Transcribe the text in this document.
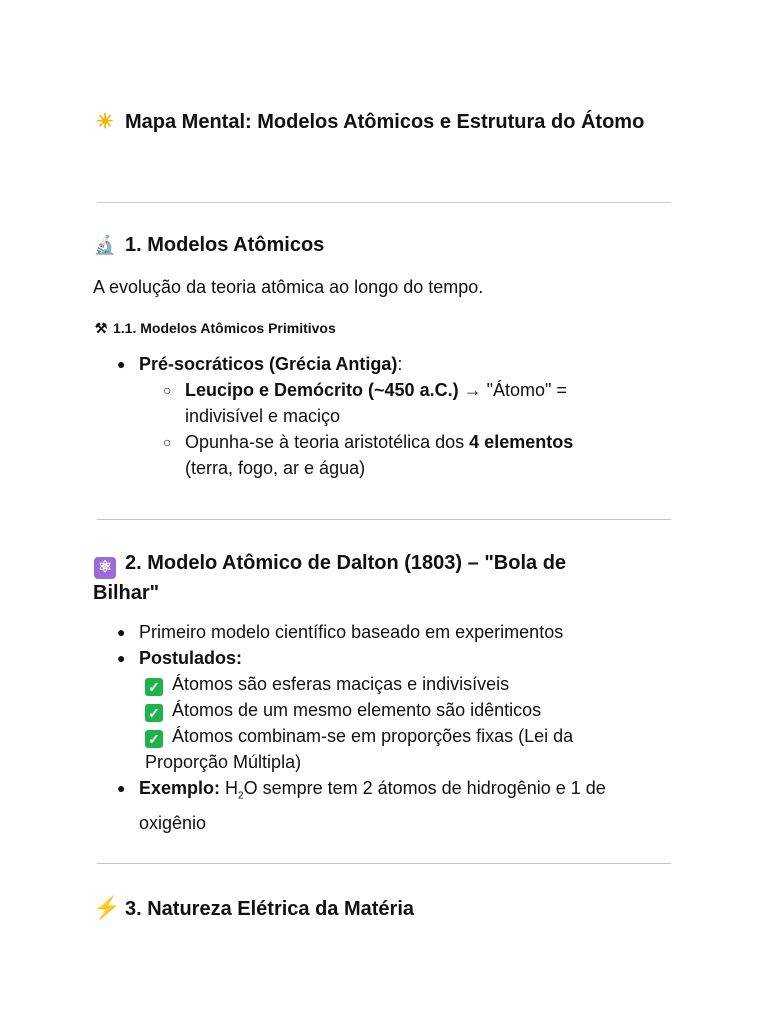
☀ Mapa Mental: Modelos Atômicos e Estrutura do Átomo
🔬 1. Modelos Atômicos
A evolução da teoria atômica ao longo do tempo.
⚒ 1.1. Modelos Atômicos Primitivos
● Pré-socráticos (Grécia Antiga):
○ Leucipo e Demócrito (~450 a.C.) → "Átomo" =
indivisível e maciço
○ Opunha-se à teoria aristotélica dos 4 elementos
(terra, fogo, ar e água)
⚛ 2. Modelo Atômico de Dalton (1803) – "Bola de
Bilhar"
● Primeiro modelo científico baseado em experimentos
● Postulados:
✓ Átomos são esferas maciças e indivisíveis
✓ Átomos de um mesmo elemento são idênticos
✓ Átomos combinam-se em proporções fixas (Lei da
Proporção Múltipla)
● Exemplo: $H_2O$ sempre tem 2 átomos de hidrogênio e 1 de
oxigênio
⚡ 3. Natureza Elétrica da Matéria
